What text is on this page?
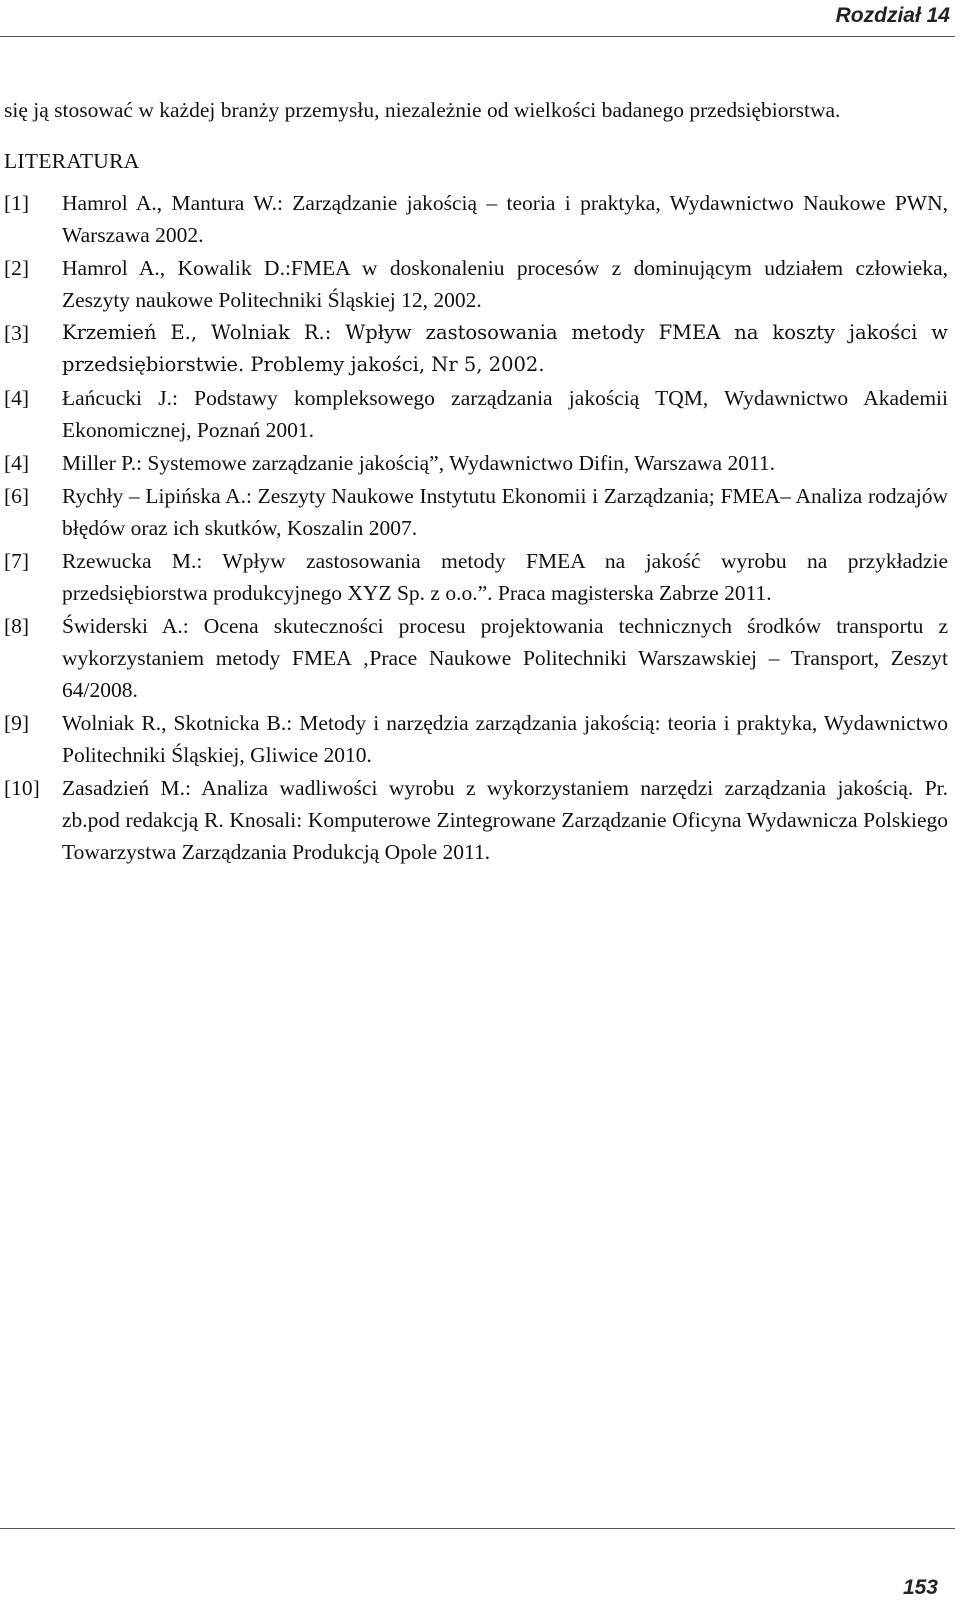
Rozdział 14

się ją stosować w każdej branży przemysłu, niezależnie od wielkości badanego przedsiębiorstwa.

LITERATURA
[1]	Hamrol A., Mantura W.: Zarządzanie jakością – teoria i praktyka, Wydawnictwo Naukowe PWN, Warszawa 2002.
[2]	Hamrol A., Kowalik D.:FMEA w doskonaleniu procesów z dominującym udziałem człowieka, Zeszyty naukowe Politechniki Śląskiej 12, 2002.
[3]	Krzemień E., Wolniak R.: Wpływ zastosowania metody FMEA na koszty jakości w przedsiębiorstwie. Problemy jakości, Nr 5, 2002.
[4]	Łańcucki J.: Podstawy kompleksowego zarządzania jakością TQM, Wydawnictwo Akademii Ekonomicznej, Poznań 2001.
[4]	Miller P.: Systemowe zarządzanie jakością”, Wydawnictwo Difin, Warszawa 2011.
[6]	Rychły – Lipińska A.: Zeszyty Naukowe Instytutu Ekonomii i Zarządzania; FMEA– Analiza rodzajów błędów oraz ich skutków, Koszalin 2007.
[7]	Rzewucka M.: Wpływ zastosowania metody FMEA na jakość wyrobu na przykładzie przedsiębiorstwa produkcyjnego XYZ Sp. z o.o.”. Praca magisterska Zabrze 2011.
[8]	Świderski A.: Ocena skuteczności procesu projektowania technicznych środków transportu z wykorzystaniem metody FMEA ‚Prace Naukowe Politechniki Warszawskiej – Transport, Zeszyt 64/2008.
[9]	Wolniak R., Skotnicka B.: Metody i narzędzia zarządzania jakością: teoria i praktyka, Wydawnictwo Politechniki Śląskiej, Gliwice 2010.
[10]	Zasadzień M.: Analiza wadliwości wyrobu z wykorzystaniem narzędzi zarządzania jakością. Pr. zb.pod redakcją R. Knosali: Komputerowe Zintegrowane Zarządzanie Oficyna Wydawnicza Polskiego Towarzystwa Zarządzania Produkcją Opole 2011.
153
